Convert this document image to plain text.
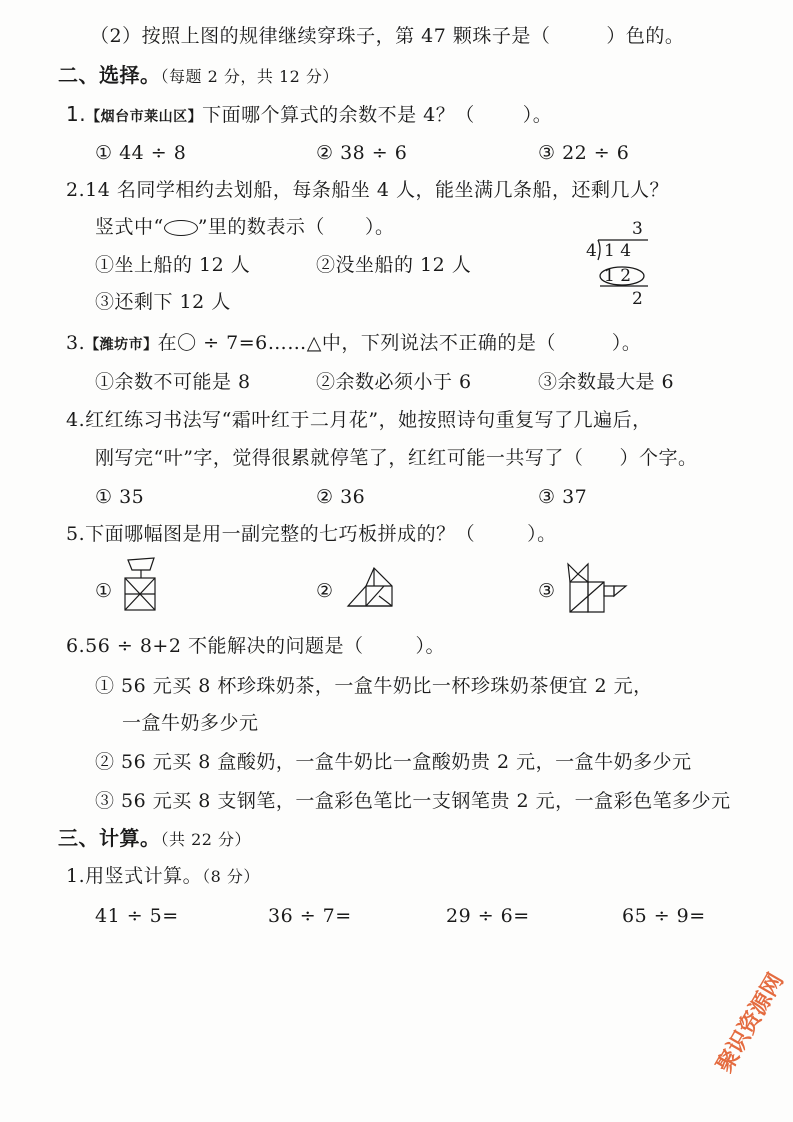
（2）按照上图的规律继续穿珠子，第 47 颗珠子是（	）色的。
二、选择。（每题 2 分，共 12 分）
1.【烟台市莱山区】下面哪个算式的余数不是 4？（	）。
① 44 ÷ 8	② 38 ÷ 6	③ 22 ÷ 6
2.14 名同学相约去划船，每条船坐 4 人，能坐满几条船，还剩几人？
竖式中“ ”里的数表示（ ）。
①坐上船的 12 人	②没坐船的 12 人
③还剩下 12 人
3
4 1 4
1 2
2
3.【潍坊市】在〇 ÷ 7=6……△中，下列说法不正确的是（	）。
①余数不可能是 8	②余数必须小于 6	③余数最大是 6
4.红红练习书法写“霜叶红于二月花”，她按照诗句重复写了几遍后，
刚写完“叶”字，觉得很累就停笔了，红红可能一共写了（ ）个字。
① 35	② 36	③ 37
5.下面哪幅图是用一副完整的七巧板拼成的？（	）。
①	②	③
6.56 ÷ 8+2 不能解决的问题是（	）。
① 56 元买 8 杯珍珠奶茶，一盒牛奶比一杯珍珠奶茶便宜 2 元，
一盒牛奶多少元
② 56 元买 8 盒酸奶，一盒牛奶比一盒酸奶贵 2 元，一盒牛奶多少元
③ 56 元买 8 支钢笔，一盒彩色笔比一支钢笔贵 2 元，一盒彩色笔多少元
三、计算。（共 22 分）
1.用竖式计算。（8 分）
41 ÷ 5=	36 ÷ 7=	29 ÷ 6=	65 ÷ 9=
聚识资源网
